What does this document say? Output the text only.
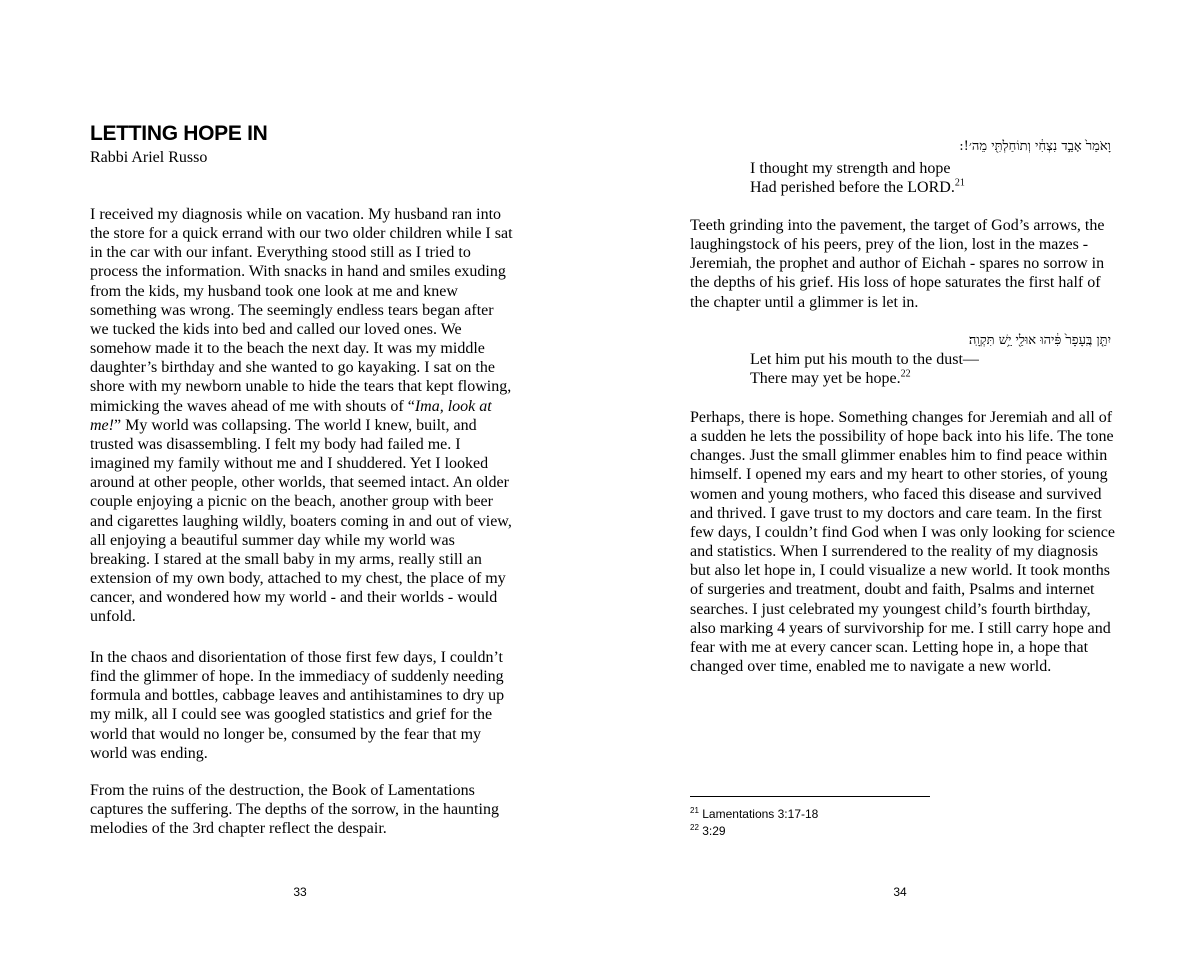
LETTING HOPE IN
Rabbi Ariel Russo

I received my diagnosis while on vacation. My husband ran into the store for a quick errand with our two older children while I sat in the car with our infant. Everything stood still as I tried to process the information. With snacks in hand and smiles exuding from the kids, my husband took one look at me and knew something was wrong. The seemingly endless tears began after we tucked the kids into bed and called our loved ones. We somehow made it to the beach the next day. It was my middle daughter’s birthday and she wanted to go kayaking. I sat on the shore with my newborn unable to hide the tears that kept flowing, mimicking the waves ahead of me with shouts of “Ima, look at me!” My world was collapsing. The world I knew, built, and trusted was disassembling. I felt my body had failed me. I imagined my family without me and I shuddered. Yet I looked around at other people, other worlds, that seemed intact. An older couple enjoying a picnic on the beach, another group with beer and cigarettes laughing wildly, boaters coming in and out of view, all enjoying a beautiful summer day while my world was breaking. I stared at the small baby in my arms, really still an extension of my own body, attached to my chest, the place of my cancer, and wondered how my world - and their worlds - would unfold.

In the chaos and disorientation of those first few days, I couldn’t find the glimmer of hope. In the immediacy of suddenly needing formula and bottles, cabbage leaves and antihistamines to dry up my milk, all I could see was googled statistics and grief for the world that would no longer be, consumed by the fear that my world was ending.

From the ruins of the destruction, the Book of Lamentations captures the suffering. The depths of the sorrow, in the haunting melodies of the 3rd chapter reflect the despair.

33
וָאֹמַר֙ אָבַ֣ד נִצְחִ֔י וְתוֹחַלְתִּ֖י מֵה׳!:
I thought my strength and hope
Had perished before the LORD.$^{21}$

Teeth grinding into the pavement, the target of God’s arrows, the laughingstock of his peers, prey of the lion, lost in the mazes - Jeremiah, the prophet and author of Eichah - spares no sorrow in the depths of his grief. His loss of hope saturates the first half of the chapter until a glimmer is let in.

יִתֵּ֤ן בֶּֽעָפָר֙ פִּ֔יהוּ אוּלַ֖י יֵ֥שׁ תִּקְוָֽה׃
Let him put his mouth to the dust—
There may yet be hope.$^{22}$

Perhaps, there is hope. Something changes for Jeremiah and all of a sudden he lets the possibility of hope back into his life. The tone changes. Just the small glimmer enables him to find peace within himself. I opened my ears and my heart to other stories, of young women and young mothers, who faced this disease and survived and thrived. I gave trust to my doctors and care team. In the first few days, I couldn’t find God when I was only looking for science and statistics. When I surrendered to the reality of my diagnosis but also let hope in, I could visualize a new world. It took months of surgeries and treatment, doubt and faith, Psalms and internet searches. I just celebrated my youngest child’s fourth birthday, also marking 4 years of survivorship for me. I still carry hope and fear with me at every cancer scan. Letting hope in, a hope that changed over time, enabled me to navigate a new world.

$^{21}$ Lamentations 3:17-18
$^{22}$ 3:29
34
